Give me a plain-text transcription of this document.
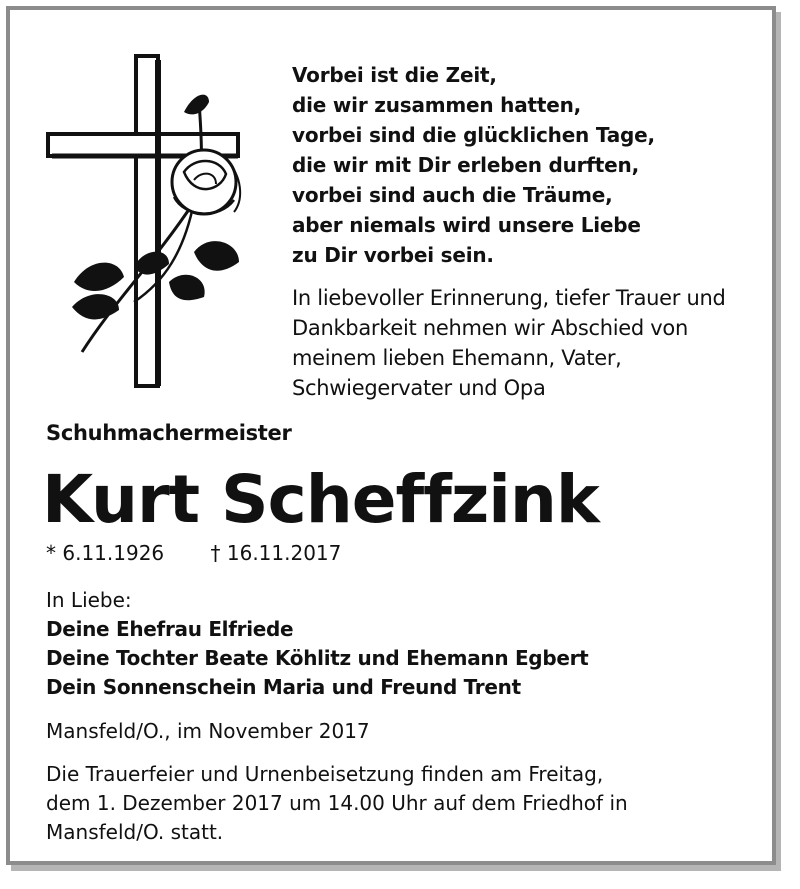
Vorbei ist die Zeit,
die wir zusammen hatten,
vorbei sind die glücklichen Tage,
die wir mit Dir erleben durften,
vorbei sind auch die Träume,
aber niemals wird unsere Liebe
zu Dir vorbei sein.
In liebevoller Erinnerung, tiefer Trauer und
Dankbarkeit nehmen wir Abschied von
meinem lieben Ehemann, Vater,
Schwiegervater und Opa
Schuhmachermeister
Kurt Scheffzink
* 6.11.1926 † 16.11.2017
In Liebe:
Deine Ehefrau Elfriede
Deine Tochter Beate Köhlitz und Ehemann Egbert
Dein Sonnenschein Maria und Freund Trent
Mansfeld/O., im November 2017
Die Trauerfeier und Urnenbeisetzung finden am Freitag,
dem 1. Dezember 2017 um 14.00 Uhr auf dem Friedhof in
Mansfeld/O. statt.
